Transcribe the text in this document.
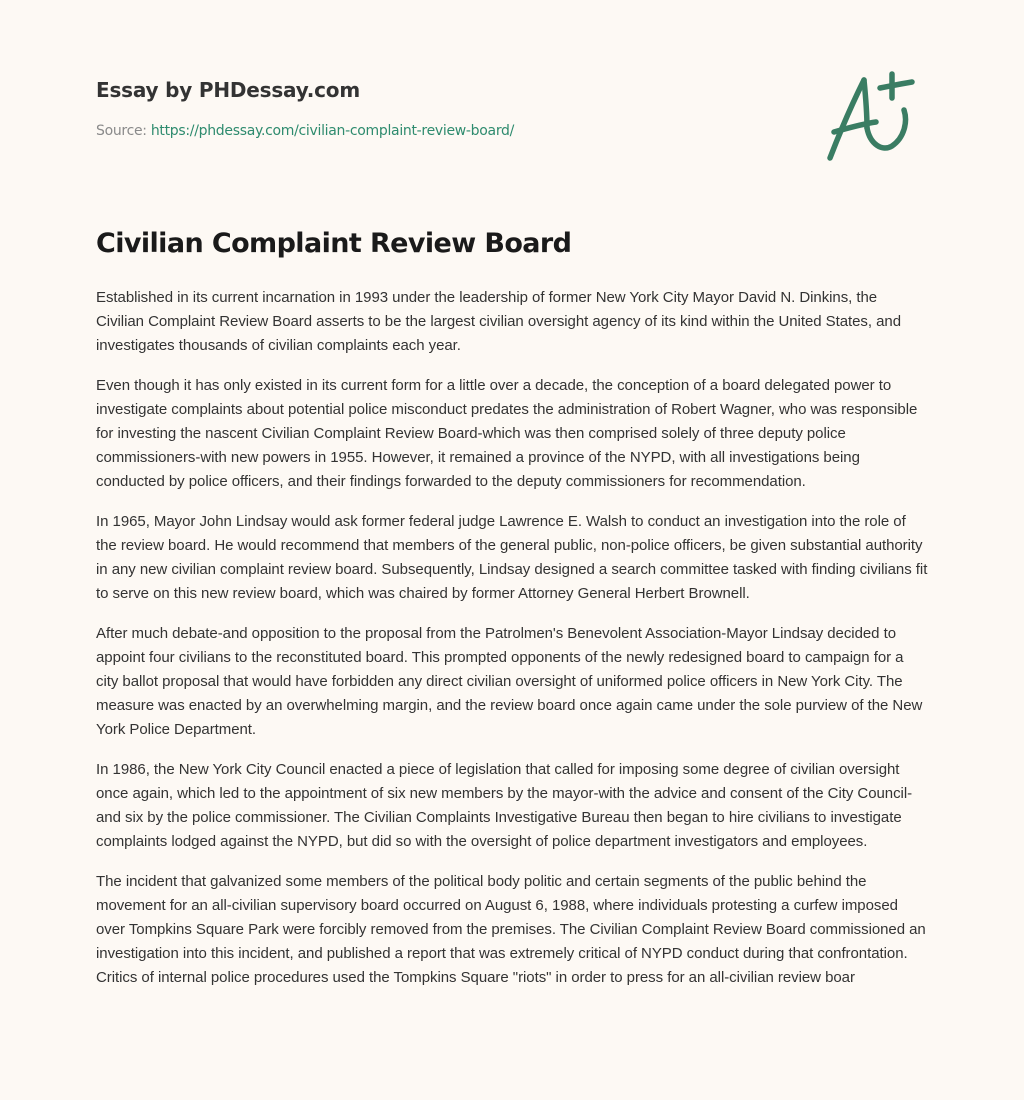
Essay by PHDessay.com
Source: https://phdessay.com/civilian-complaint-review-board/
Civilian Complaint Review Board

Established in its current incarnation in 1993 under the leadership of former New York City Mayor David N. Dinkins, the Civilian Complaint Review Board asserts to be the largest civilian oversight agency of its kind within the United States, and investigates thousands of civilian complaints each year.

Even though it has only existed in its current form for a little over a decade, the conception of a board delegated power to investigate complaints about potential police misconduct predates the administration of Robert Wagner, who was responsible for investing the nascent Civilian Complaint Review Board-which was then comprised solely of three deputy police commissioners-with new powers in 1955. However, it remained a province of the NYPD, with all investigations being conducted by police officers, and their findings forwarded to the deputy commissioners for recommendation.

In 1965, Mayor John Lindsay would ask former federal judge Lawrence E. Walsh to conduct an investigation into the role of the review board. He would recommend that members of the general public, non-police officers, be given substantial authority in any new civilian complaint review board. Subsequently, Lindsay designed a search committee tasked with finding civilians fit to serve on this new review board, which was chaired by former Attorney General Herbert Brownell.

After much debate-and opposition to the proposal from the Patrolmen's Benevolent Association-Mayor Lindsay decided to appoint four civilians to the reconstituted board. This prompted opponents of the newly redesigned board to campaign for a city ballot proposal that would have forbidden any direct civilian oversight of uniformed police officers in New York City. The measure was enacted by an overwhelming margin, and the review board once again came under the sole purview of the New York Police Department.

In 1986, the New York City Council enacted a piece of legislation that called for imposing some degree of civilian oversight once again, which led to the appointment of six new members by the mayor-with the advice and consent of the City Council-and six by the police commissioner. The Civilian Complaints Investigative Bureau then began to hire civilians to investigate complaints lodged against the NYPD, but did so with the oversight of police department investigators and employees.

The incident that galvanized some members of the political body politic and certain segments of the public behind the movement for an all-civilian supervisory board occurred on August 6, 1988, where individuals protesting a curfew imposed over Tompkins Square Park were forcibly removed from the premises. The Civilian Complaint Review Board commissioned an investigation into this incident, and published a report that was extremely critical of NYPD conduct during that confrontation. Critics of internal police procedures used the Tompkins Square "riots" in order to press for an all-civilian review boar
